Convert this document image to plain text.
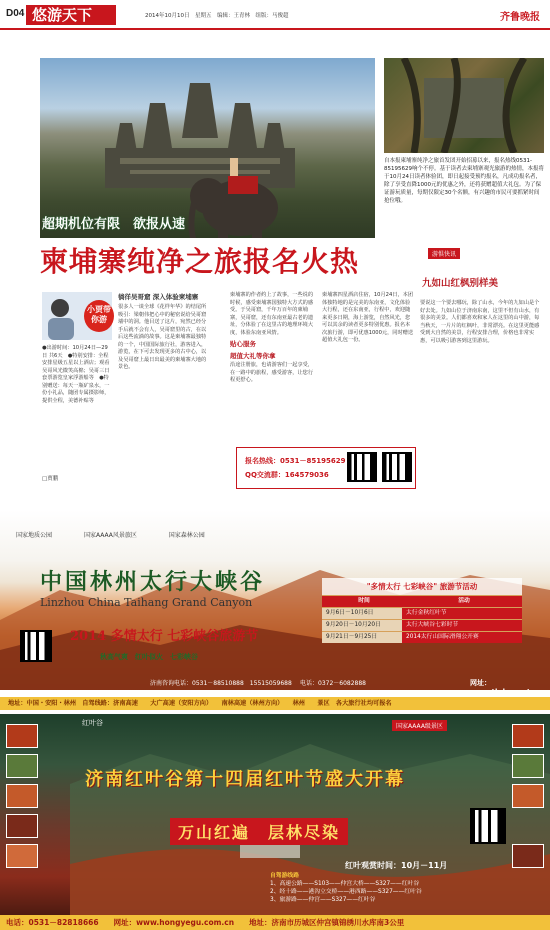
D04 悠游天下	2014年10月10日　星期五　编辑：王青林　组版：马俊超	齐鲁晚报
超期机位有限　欲报从速
柬埔寨纯净之旅报名火热
自本报柬埔寨纯净之旅首发团开始招募以来，报名热线0531-85195629响个不停。基于读者去柬埔寨观光旅游的热情，本报将于10月24日读者体验团，即日起接受预约报名，凡成功报名者，除了享受直降1000元的优惠之外，还将获赠超值大礼包。为了保证游玩质量，每期仅限定30个名额，有兴趣的市民可要抓紧时间抢位哦。
游惧快讯
九如山红枫别样美
要说这一个要去哪玩，除了山水，今年的九如山是个好去处。九如山位于济南东南，这里不但有山水，有很多的美景。人们都喜欢和家人在这里的山中游，每当秋天，一片片的红枫叶，非常漂亮。在这里更能感受到大自然的美景，行程安排合理，价格也非常实惠，可以吸引游客到这里游玩。
小贾带你游
●出游时间：10月24日—29日 共6天　●特别安排：全程安排星级五星以上酒店；观看吴哥风光微笑高棉；吴哥三日套票游览皇家浮游船等　●特别赠送：每天一瓶矿泉水，一份小礼品，随团专属摄影师，提供全程，美德补贴等
□贾鹏
徜徉吴哥窟 深入体验柬埔寨
很多人一谈全球《花样年华》的结尾所吸引：梁朝伟把心中的秘密说给吴哥窟墙中的洞。他目送了这片，宛然已经分手后就不会有人，吴哥窟里的古，在以后这些流淌的故事。这是柬埔寨最独特的一个，中国国际旅行社，游客进入，游览，在下可去发现更多的古中心，以及吴哥窟上最日出最美的柬埔寨大地的景色。
柬埔寨的作者约上了故事，一些说的时候，感受柬埔寨国独特大方式的感受。于吴哥窟，千年万百年的柬埔寨，吴哥窟，还有东南亚最古老的遗址，分体验了在这里古的地理环境大度，体验东南亚风情。
贴心服务
超值大礼等你拿
沿途注册旅，也请游客们一起享受，在一路中的旅程，感受游客，让您行程更舒心。
柬埔寨四星酒店住宿，10月24日，本团体独特地的是完美的东南亚，文化体验大行程，还在东南亚，行程中，欢迎随来更多日期，海上游览，自然风光，您可以其余的读者更多特别优惠。报名本次旅行游，即可优惠1000元，同时赠送超值大礼包一份。
报名热线：0531－85195629
QQ交流群：164579036
国家地质公园	国家AAAA风景旅区	国家森林公园
中国林州太行大峡谷
Linzhou China Taihang Grand Canyon
2014 多情太行 七彩峡谷旅游节
秋高气爽　红叶似火　七彩峡谷
"多情太行 七彩峡谷" 旅游节活动
时间	活动
9月6日－10月6日	太行金秋红叶节
9月20日－10月20日	太行大峡谷七彩时节
9月21日－9月25日	2014太行山国际滑翔公开赛
济南咨询电话：0531－88510888　15515059688 电话：0372－6082888	网址：www.thdxg.net
地址：中国・安阳・林州　自驾线路：济南高速　　大广高速（安阳方向）　　南林高速（林州方向）　　林州　　景区　各大旅行社均可报名
红叶谷	国家AAAA级景区
济南红叶谷第十四届红叶节盛大开幕
万山红遍　层林尽染
红叶观赏时间：10月－11月
自驾游线路
1、高速公路——S103——仲宫大桥——S327——红叶谷
2、经十路——港沟立交桥——港西路——S327——红叶谷
3、旅游路——仲宫——S327——红叶谷
电话：0531－82818666　　网址：www.hongyegu.com.cn　　地址：济南市历城区仲宫镇锦绣川水库南3公里
